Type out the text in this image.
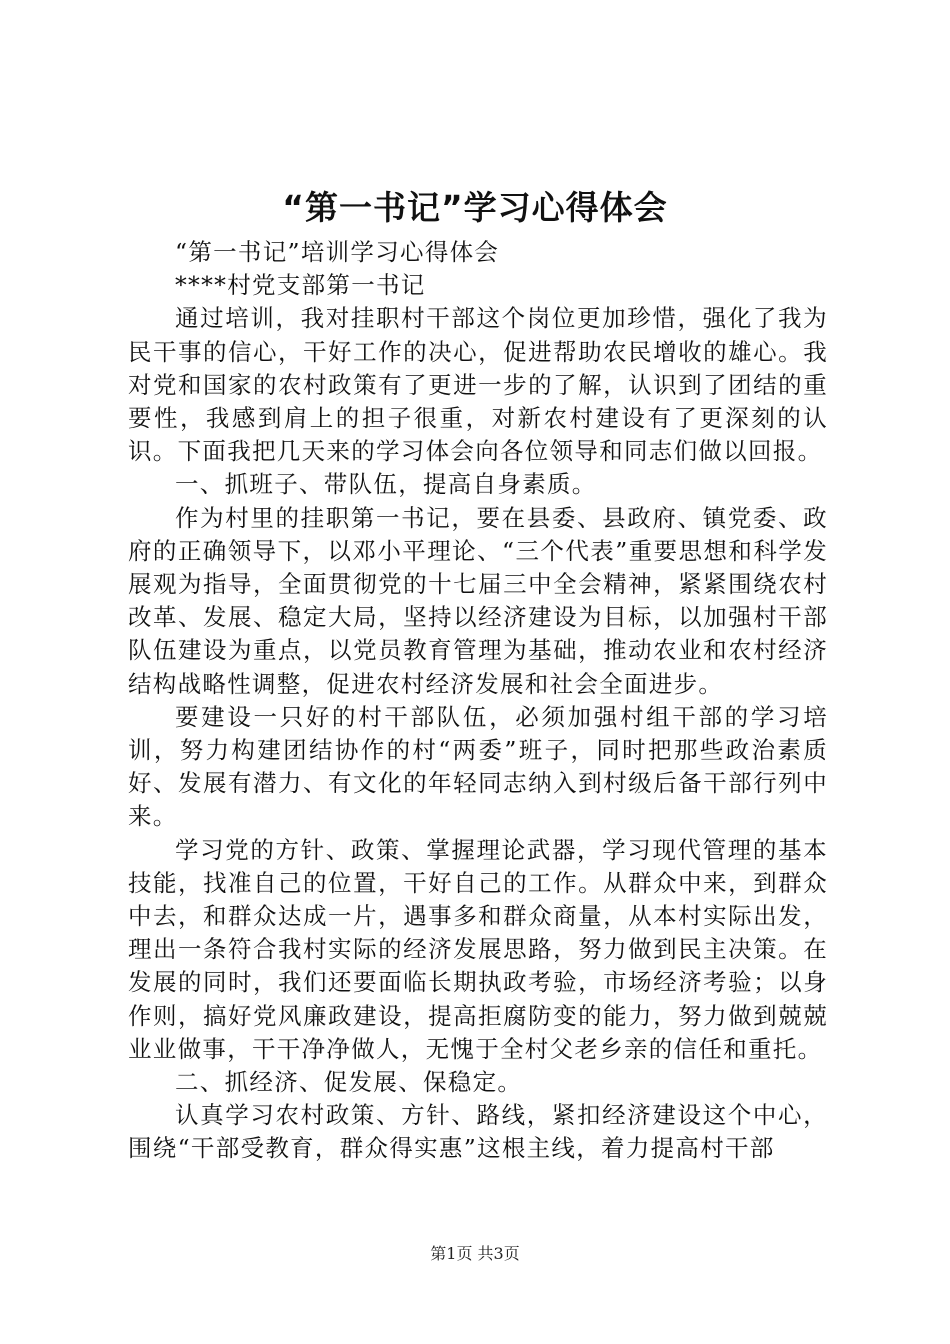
“第一书记”学习心得体会

“第一书记”培训学习心得体会

****村党支部第一书记

通过培训，我对挂职村干部这个岗位更加珍惜，强化了我为民干事的信心，干好工作的决心，促进帮助农民增收的雄心。我对党和国家的农村政策有了更进一步的了解，认识到了团结的重要性，我感到肩上的担子很重，对新农村建设有了更深刻的认识。下面我把几天来的学习体会向各位领导和同志们做以回报。

一、抓班子、带队伍，提高自身素质。

作为村里的挂职第一书记，要在县委、县政府、镇党委、政府的正确领导下，以邓小平理论、“三个代表”重要思想和科学发展观为指导，全面贯彻党的十七届三中全会精神，紧紧围绕农村改革、发展、稳定大局，坚持以经济建设为目标，以加强村干部队伍建设为重点，以党员教育管理为基础，推动农业和农村经济结构战略性调整，促进农村经济发展和社会全面进步。

要建设一只好的村干部队伍，必须加强村组干部的学习培训，努力构建团结协作的村“两委”班子，同时把那些政治素质好、发展有潜力、有文化的年轻同志纳入到村级后备干部行列中来。

学习党的方针、政策、掌握理论武器，学习现代管理的基本技能，找准自己的位置，干好自己的工作。从群众中来，到群众中去，和群众达成一片，遇事多和群众商量，从本村实际出发，理出一条符合我村实际的经济发展思路，努力做到民主决策。在发展的同时，我们还要面临长期执政考验，市场经济考验；以身作则，搞好党风廉政建设，提高拒腐防变的能力，努力做到兢兢业业做事，干干净净做人，无愧于全村父老乡亲的信任和重托。

二、抓经济、促发展、保稳定。

认真学习农村政策、方针、路线，紧扣经济建设这个中心，围绕“干部受教育，群众得实惠”这根主线，着力提高村干部

第1页 共3页
